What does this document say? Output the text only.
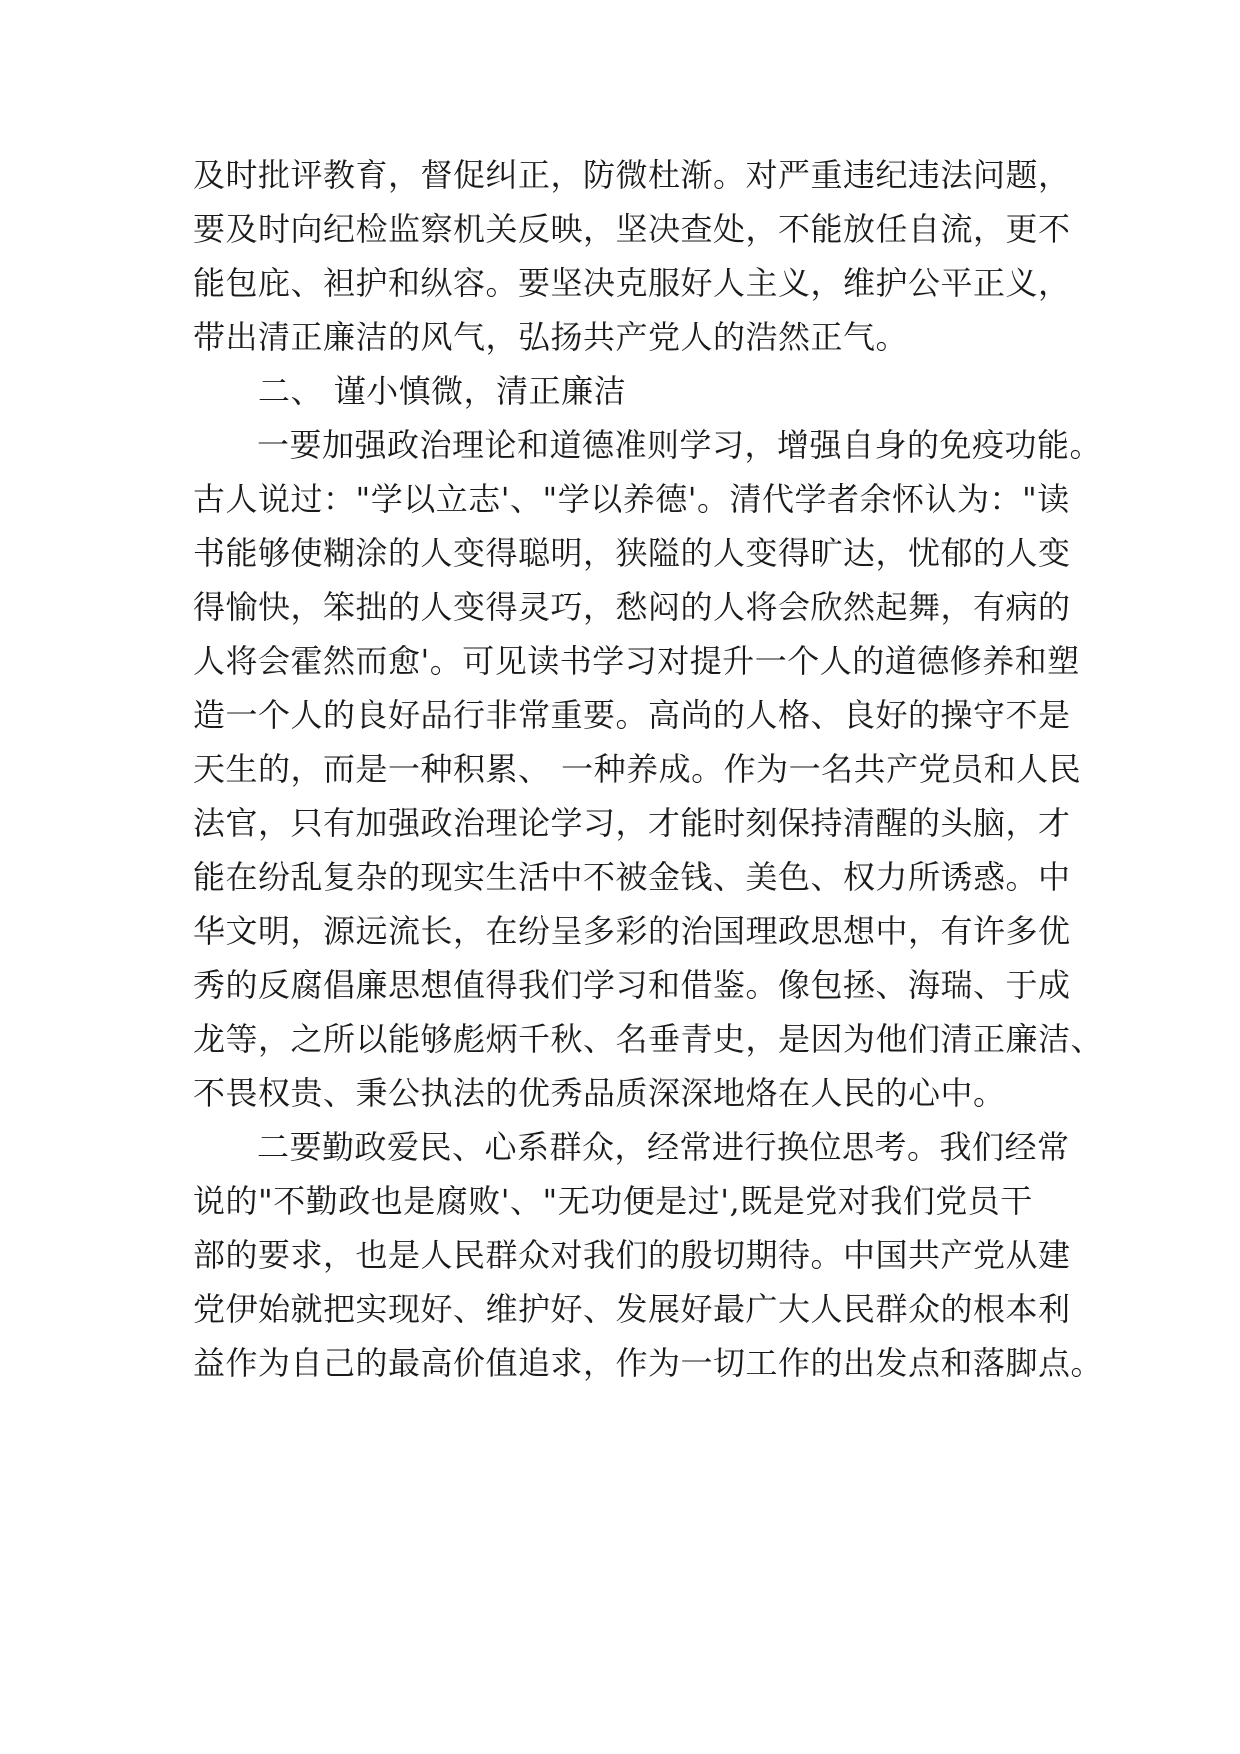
及时批评教育，督促纠正，防微杜渐。对严重违纪违法问题，
要及时向纪检监察机关反映，坚决查处，不能放任自流，更不
能包庇、袒护和纵容。要坚决克服好人主义，维护公平正义，
带出清正廉洁的风气，弘扬共产党人的浩然正气。
二、 谨小慎微，清正廉洁
一要加强政治理论和道德准则学习，增强自身的免疫功能。
古人说过："学以立志'、"学以养德'。清代学者余怀认为："读
书能够使糊涂的人变得聪明，狭隘的人变得旷达，忧郁的人变
得愉快，笨拙的人变得灵巧，愁闷的人将会欣然起舞，有病的
人将会霍然而愈'。可见读书学习对提升一个人的道德修养和塑
造一个人的良好品行非常重要。高尚的人格、良好的操守不是
天生的，而是一种积累、 一种养成。作为一名共产党员和人民
法官，只有加强政治理论学习，才能时刻保持清醒的头脑，才
能在纷乱复杂的现实生活中不被金钱、美色、权力所诱惑。中
华文明，源远流长，在纷呈多彩的治国理政思想中，有许多优
秀的反腐倡廉思想值得我们学习和借鉴。像包拯、海瑞、于成
龙等，之所以能够彪炳千秋、名垂青史，是因为他们清正廉洁、
不畏权贵、秉公执法的优秀品质深深地烙在人民的心中。
二要勤政爱民、心系群众，经常进行换位思考。我们经常
说的"不勤政也是腐败'、"无功便是过',既是党对我们党员干
部的要求，也是人民群众对我们的殷切期待。中国共产党从建
党伊始就把实现好、维护好、发展好最广大人民群众的根本利
益作为自己的最高价值追求，作为一切工作的出发点和落脚点。
